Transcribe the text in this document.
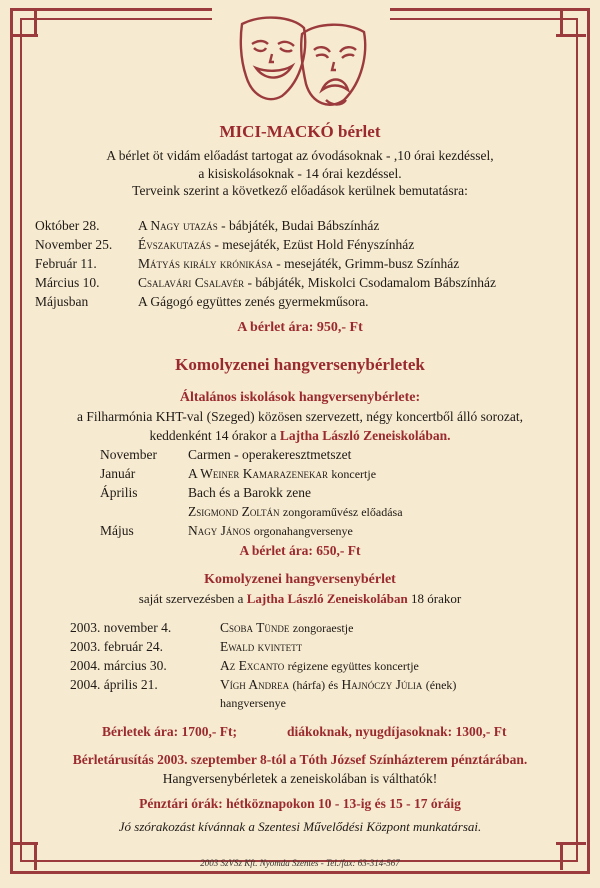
MICI-MACKÓ bérlet
A bérlet öt vidám előadást tartogat az óvodásoknak - ,10 órai kezdéssel,
a kisiskolásoknak - 14 órai kezdéssel.
Terveink szerint a következő előadások kerülnek bemutatásra:
Október 28.	A Nagy utazás - bábjáték, Budai Bábszínház
November 25. Évszakutazás - mesejáték, Ezüst Hold Fényszínház
Február 11.	Mátyás király krónikása - mesejáték, Grimm-busz Színház
Március 10.	Csalavári Csalavér - bábjáték, Miskolci Csodamalom Bábszínház
Májusban	A Gágogó együttes zenés gyermekműsora.
A bérlet ára: 950,- Ft
Komolyzenei hangversenybérletek
Általános iskolások hangversenybérlete:
a Filharmónia KHT-val (Szeged) közösen szervezett, négy koncertből álló sorozat,
keddenként 14 órakor a Lajtha László Zeneiskolában.
November Carmen - operakeresztmetszet
Január	A Weiner Kamarazenekar koncertje
Április	Bach és a Barokk zene
Zsigmond Zoltán zongoraművész előadása
Május	Nagy János orgonahangversenye
A bérlet ára: 650,- Ft
Komolyzenei hangversenybérlet
saját szervezésben a Lajtha László Zeneiskolában 18 órakor
2003. november 4.	Csoba Tünde zongoraestje
2003. február 24.	Ewald kvintett
2004. március 30.	Az Excanto régizene együttes koncertje
2004. április 21.	Vígh Andrea (hárfa) és Hajnóczy Júlia (ének)
hangversenye
Bérletek ára: 1700,- Ft;	diákoknak, nyugdíjasoknak: 1300,- Ft
Bérletárusítás 2003. szeptember 8-tól a Tóth József Színházterem pénztárában.
Hangversenybérletek a zeneiskolában is válthatók!
Pénztári órák: hétköznapokon 10 - 13-ig és 15 - 17 óráig
Jó szórakozást kívánnak a Szentesi Művelődési Központ munkatársai.
2003 SzVSz Kft. Nyomda Szentes - Tel./fax: 63-314-567
